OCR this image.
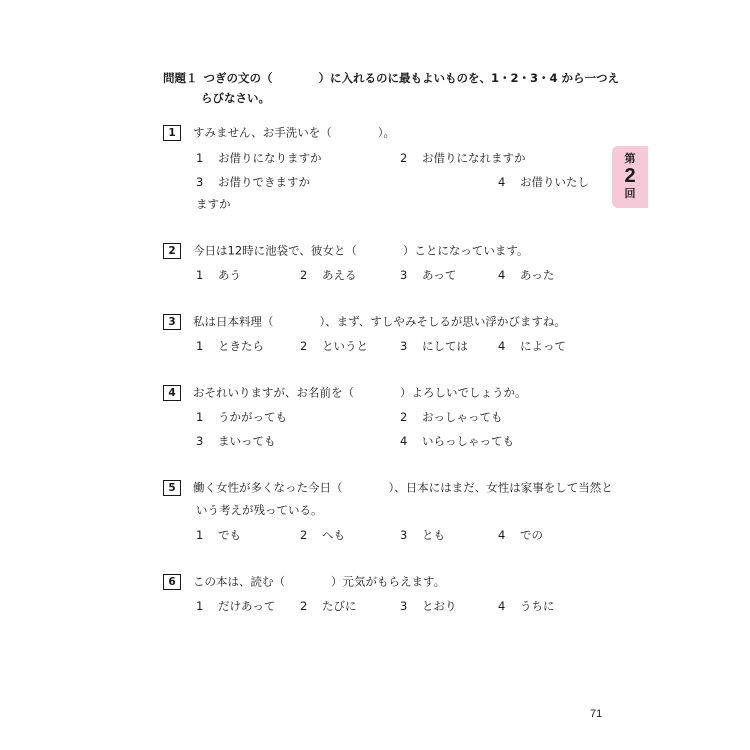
問題１ つぎの文の（　　　　）に入れるのに最もよいものを、1・2・3・4 から一つえ
らびなさい。
1 すみません、お手洗いを（　　　　）。
1 お借りになりますか	2 お借りになれますか
3 お借りできますか	4 お借りいたし
ますか
2 今日は12時に池袋で、彼女と（　　　　）ことになっています。
1 あう	2 あえる	3 あって	4 あった
3 私は日本料理（　　　　）、まず、すしやみそしるが思い浮かびますね。
1 ときたら	2 というと	3 にしては	4 によって
4 おそれいりますが、お名前を（　　　　）よろしいでしょうか。
1 うかがっても	2 おっしゃっても
3 まいっても	4 いらっしゃっても
5 働く女性が多くなった今日（　　　　）、日本にはまだ、女性は家事をして当然と
いう考えが残っている。
1 でも	2 へも	3 とも	4 での
6 この本は、読む（　　　　）元気がもらえます。
1 だけあって 2 たびに	3 とおり	4 うちに
第
2
回
71
